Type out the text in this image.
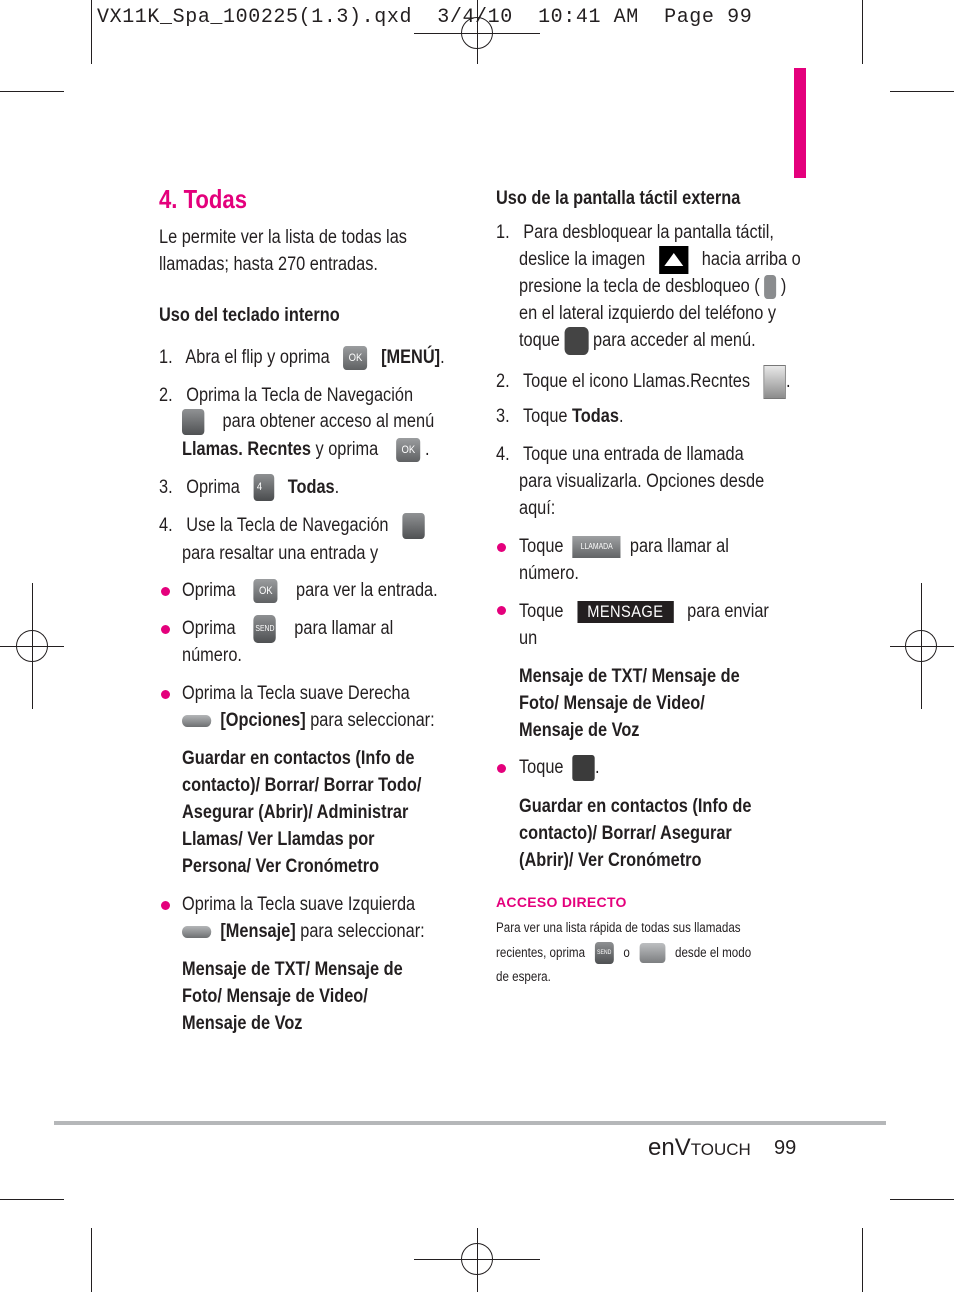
VX11K_Spa_100225(1.3).qxd  3/4/10  10:41 AM  Page 99
4. Todas
Le permite ver la lista de todas las llamadas; hasta 270 entradas.
Uso del teclado interno
1. Abra el flip y oprima OK [MENÚ].
2. Oprima la Tecla de Navegación
para obtener acceso al menú
Llamas. Recntes y oprima OK .
3. Oprima 4 Todas.
4. Use la Tecla de Navegación
para resaltar una entrada y
Oprima OK para ver la entrada.
Oprima SEND para llamar al
número.
Oprima la Tecla suave Derecha
[Opciones] para seleccionar:

Guardar en contactos (Info de

contacto)/ Borrar/ Borrar Todo/

Asegurar (Abrir)/ Administrar

Llamas/ Ver Llamdas por

Persona/ Ver Cronómetro

Oprima la Tecla suave Izquierda
[Mensaje] para seleccionar:

Mensaje de TXT/ Mensaje de

Foto/ Mensaje de Video/

Mensaje de Voz

Uso de la pantalla táctil externa
1. Para desbloquear la pantalla táctil,
deslice la imagen	hacia arriba o
presione la tecla de desbloqueo ( )
en el lateral izquierdo del teléfono y
toque para acceder al menú.
2. Toque el icono Llamas.Recntes .
3. Toque Todas.
4. Toque una entrada de llamada
para visualizarla. Opciones desde
aquí:
Toque LLAMADA para llamar al
número.
Toque MENSAGE para enviar
un

Mensaje de TXT/ Mensaje de

Foto/ Mensaje de Video/

Mensaje de Voz

Toque .

Guardar en contactos (Info de

contacto)/ Borrar/ Asegurar

(Abrir)/ Ver Cronómetro

ACCESO DIRECTO
Para ver una lista rápida de todas sus llamadas
recientes, oprima SEND o	desde el modo
de espera.
enVTOUCH 99
